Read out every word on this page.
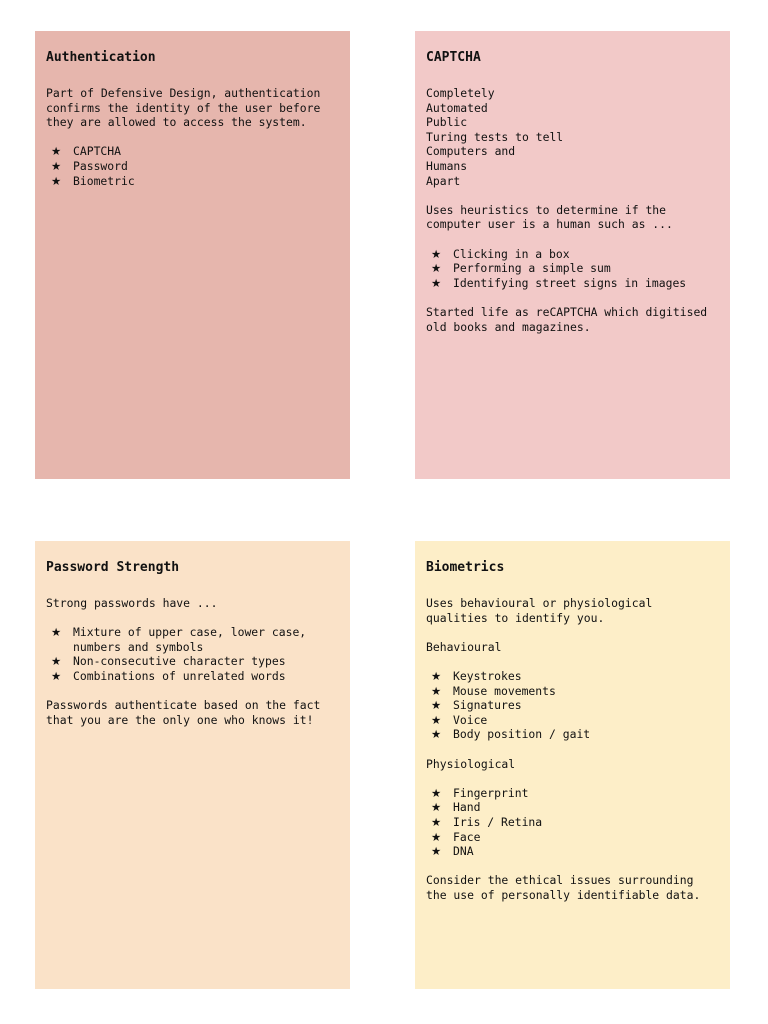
Authentication
Part of Defensive Design, authentication
confirms the identity of the user before
they are allowed to access the system.
★ CAPTCHA
★ Password
★ Biometric
CAPTCHA
Completely
Automated
Public
Turing tests to tell
Computers and
Humans
Apart
Uses heuristics to determine if the
computer user is a human such as ...
★ Clicking in a box
★ Performing a simple sum
★ Identifying street signs in images
Started life as reCAPTCHA which digitised
old books and magazines.
Password Strength
Strong passwords have ...
★ Mixture of upper case, lower case, numbers and symbols
★ Non-consecutive character types
★ Combinations of unrelated words
Passwords authenticate based on the fact
that you are the only one who knows it!
Biometrics
Uses behavioural or physiological
qualities to identify you.
Behavioural
★ Keystrokes
★ Mouse movements
★ Signatures
★ Voice
★ Body position / gait
Physiological
★ Fingerprint
★ Hand
★ Iris / Retina
★ Face
★ DNA
Consider the ethical issues surrounding
the use of personally identifiable data.
